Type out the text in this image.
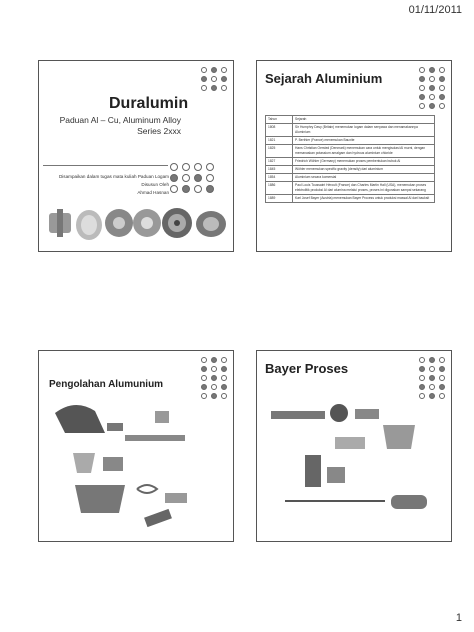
01/11/2011
Duralumin
Paduan Al – Cu, Aluminum Alloy
Series 2xxx
Disampaikan dalam tugas mata kuliah Paduan Logam
Disusun Oleh
Ahmad Hasnan
Sejarah Aluminium
Tahun	Sejarah
1808	Sir Humphry Davy (Britain) menemukan logam dalam senyawa dan menamakannya Aluminium
1821	P. Berthier (France) menemukan Bauxite
1825	Hans Christian Oersted (Denmark) menemukan cara untuk mengisolasi Al murni, dengan memanaskan potassium amalgam dan hydrous aluminium chloride
1827	Friedrich Wöhler (Germany) menemukan proses pembentukan bubuk Al
1845	Wöhler menemukan specific gravity (density) dari aluminium
1854	Aluminium secara komersial
1886	Paul Louis Toussaint Héroult (France) dan Charles Martin Hall (USA), menemukan proses elektrolitik produksi Al dari alumina melalui proses, proses ini digunakan sampai sekarang
1889	Karl Josef Bayer (Austria) menemukan Bayer Process untuk produksi massal Al dari bauksit
Pengolahan Alumunium
Bayer Proses
1
